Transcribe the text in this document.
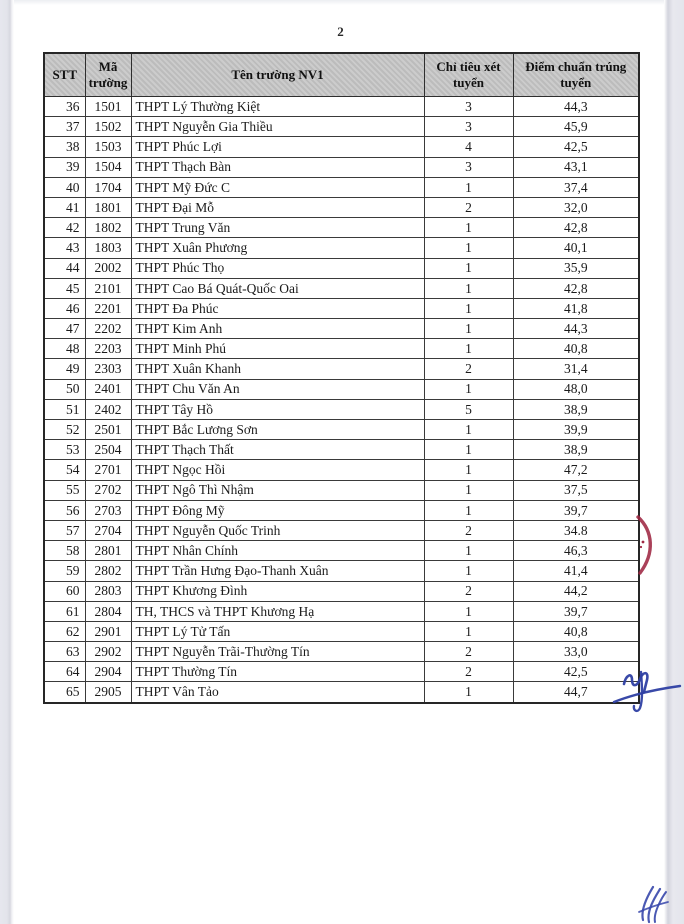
2
STT	Mã trường	Tên trường NV1	Chỉ tiêu xét tuyển	Điểm chuẩn trúng tuyển
36	1501	THPT Lý Thường Kiệt	3	44,3
37	1502	THPT Nguyễn Gia Thiều	3	45,9
38	1503	THPT Phúc Lợi	4	42,5
39	1504	THPT Thạch Bàn	3	43,1
40	1704	THPT Mỹ Đức C	1	37,4
41	1801	THPT Đại Mỗ	2	32,0
42	1802	THPT Trung Văn	1	42,8
43	1803	THPT Xuân Phương	1	40,1
44	2002	THPT Phúc Thọ	1	35,9
45	2101	THPT Cao Bá Quát-Quốc Oai	1	42,8
46	2201	THPT Đa Phúc	1	41,8
47	2202	THPT Kim Anh	1	44,3
48	2203	THPT Minh Phú	1	40,8
49	2303	THPT Xuân Khanh	2	31,4
50	2401	THPT Chu Văn An	1	48,0
51	2402	THPT Tây Hồ	5	38,9
52	2501	THPT Bắc Lương Sơn	1	39,9
53	2504	THPT Thạch Thất	1	38,9
54	2701	THPT Ngọc Hồi	1	47,2
55	2702	THPT Ngô Thì Nhậm	1	37,5
56	2703	THPT Đông Mỹ	1	39,7
57	2704	THPT Nguyễn Quốc Trinh	2	34.8
58	2801	THPT Nhân Chính	1	46,3
59	2802	THPT Trần Hưng Đạo-Thanh Xuân	1	41,4
60	2803	THPT Khương Đình	2	44,2
61	2804	TH, THCS và THPT Khương Hạ	1	39,7
62	2901	THPT Lý Tử Tấn	1	40,8
63	2902	THPT Nguyễn Trãi-Thường Tín	2	33,0
64	2904	THPT Thường Tín	2	42,5
65	2905	THPT Vân Tảo	1	44,7
